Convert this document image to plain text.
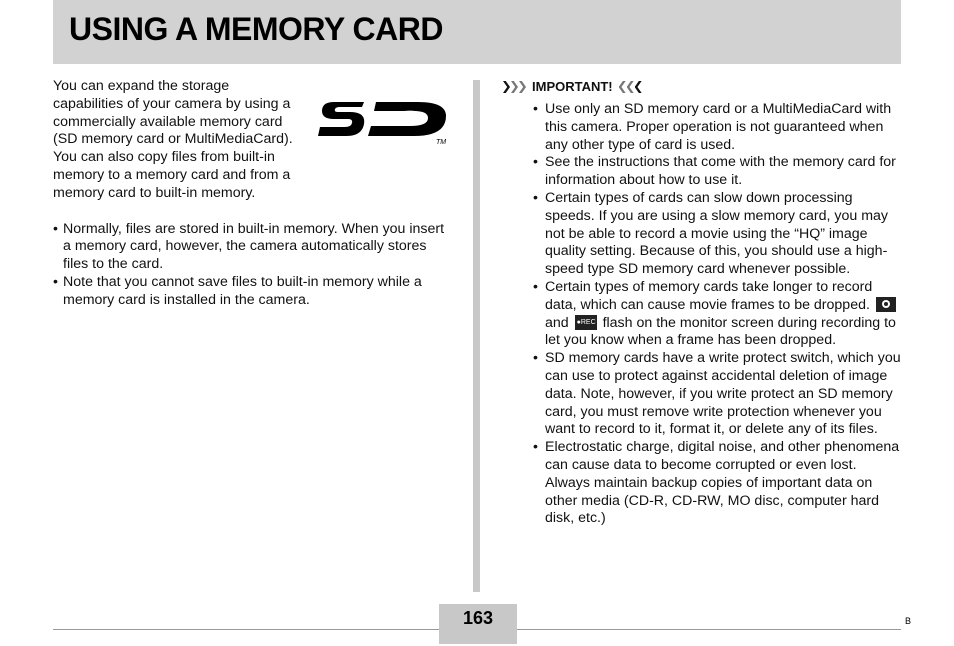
USING A MEMORY CARD

You can expand the storage capabilities of your camera by using a commercially available memory card (SD memory card or MultiMediaCard). You can also copy files from built-in memory to a memory card and from a memory card to built-in memory.

TM
• Normally, files are stored in built-in memory. When you insert a memory card, however, the camera automatically stores files to the card.
• Note that you cannot save files to built-in memory while a memory card is installed in the camera.
IMPORTANT!
• Use only an SD memory card or a MultiMediaCard with this camera. Proper operation is not guaranteed when any other type of card is used.
• See the instructions that come with the memory card for information about how to use it.
• Certain types of cards can slow down processing speeds. If you are using a slow memory card, you may not be able to record a movie using the “HQ” image quality setting. Because of this, you should use a high-speed type SD memory card whenever possible.
• Certain types of memory cards take longer to record data, which can cause movie frames to be dropped.  and ●REC flash on the monitor screen during recording to let you know when a frame has been dropped.
• SD memory cards have a write protect switch, which you can use to protect against accidental deletion of image data. Note, however, if you write protect an SD memory card, you must remove write protection whenever you want to record to it, format it, or delete any of its files.
• Electrostatic charge, digital noise, and other phenomena can cause data to become corrupted or even lost. Always maintain backup copies of important data on other media (CD-R, CD-RW, MO disc, computer hard disk, etc.)
163	B
